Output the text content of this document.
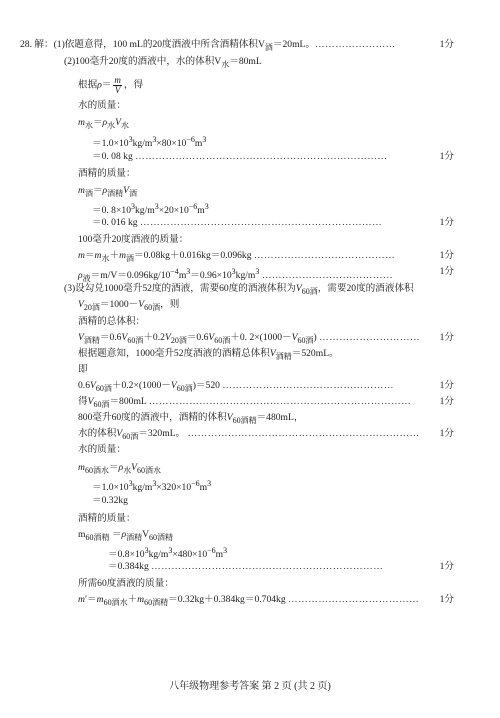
28. 解：(1)依题意得，100 mL的20度酒液中所含酒精体积$V_酒=20mL$。……………………	1分
(2)100毫升20度的酒液中，水的体积$V_水=80mL$
根据$\rho= \frac{m}{V}$ ，得
水的质量：
$m_水=\rho_水V_水$
$=1.0\times 10^3kg/m^3\times 80\times 10^{-6}m^3$
＝0. 08 kg …………………………………………………………………	1分
酒精的质量：
$m_酒=\rho_{酒精}V_酒$
＝0. $8\times 10^3kg/m^3\times 20\times 10^{-6}m^3$
＝0. 016 kg ………………………………………………………………	1分
100毫升20度酒液的质量：
$m=m_水+m_酒=0.08kg+0.016kg=0.096kg$ ……………………………………	1分
$\rho_液=m/V=0.096kg/10^{-4}m^3=0.96\times 10^3kg/m^3$ …………………………………	1分
(3)设勾兑1000毫升52度的酒液，需要60度的酒液体积为$V_{60酒}$，需要20度的酒液体积
$V_{20酒}=1000-V_{60酒}$，则
酒精的总体积：
$V_{酒精}=0.6V_{60酒}+0.2V_{20酒}=0.6V_{60酒}+0$. $2\times(1000-V_{60酒})$ ………………………… 1分
根据题意知，1000毫升52度酒液的酒精总体积$V_{酒精}=520mL$。
即
$0.6V_{60酒}+0.2\times(1000-V_{60酒})=520$ ……………………………………………	1分
得$V_{60酒}=800mL$ ……………………………………………………………………	1分
800毫升60度的酒液中，酒精的体积$V_{60酒精}=480mL$，
水的体积$V_{60酒}=320mL$。 …………………………………………………………… 1分
水的质量：
$m_{60酒水}=\rho_水V_{60酒水}$
$=1.0\times 10^3kg/m^3\times 320\times 10^{-6}m^3$
＝0.32kg
酒精的质量：
$m_{60酒精} =\rho_{酒精}V_{60酒精}$
$=0.8\times 10^3kg/m^3\times 480\times 10^{-6}m^3$
＝0.384kg ……………………………………………………………	1分
所需60度酒液的质量：
$m'=m_{60酒水}+m_{60酒精}=0.32kg+0.384kg=0.704kg$ ………………………………… 1分
八年级物理参考答案 第 2 页 (共 2 页)
